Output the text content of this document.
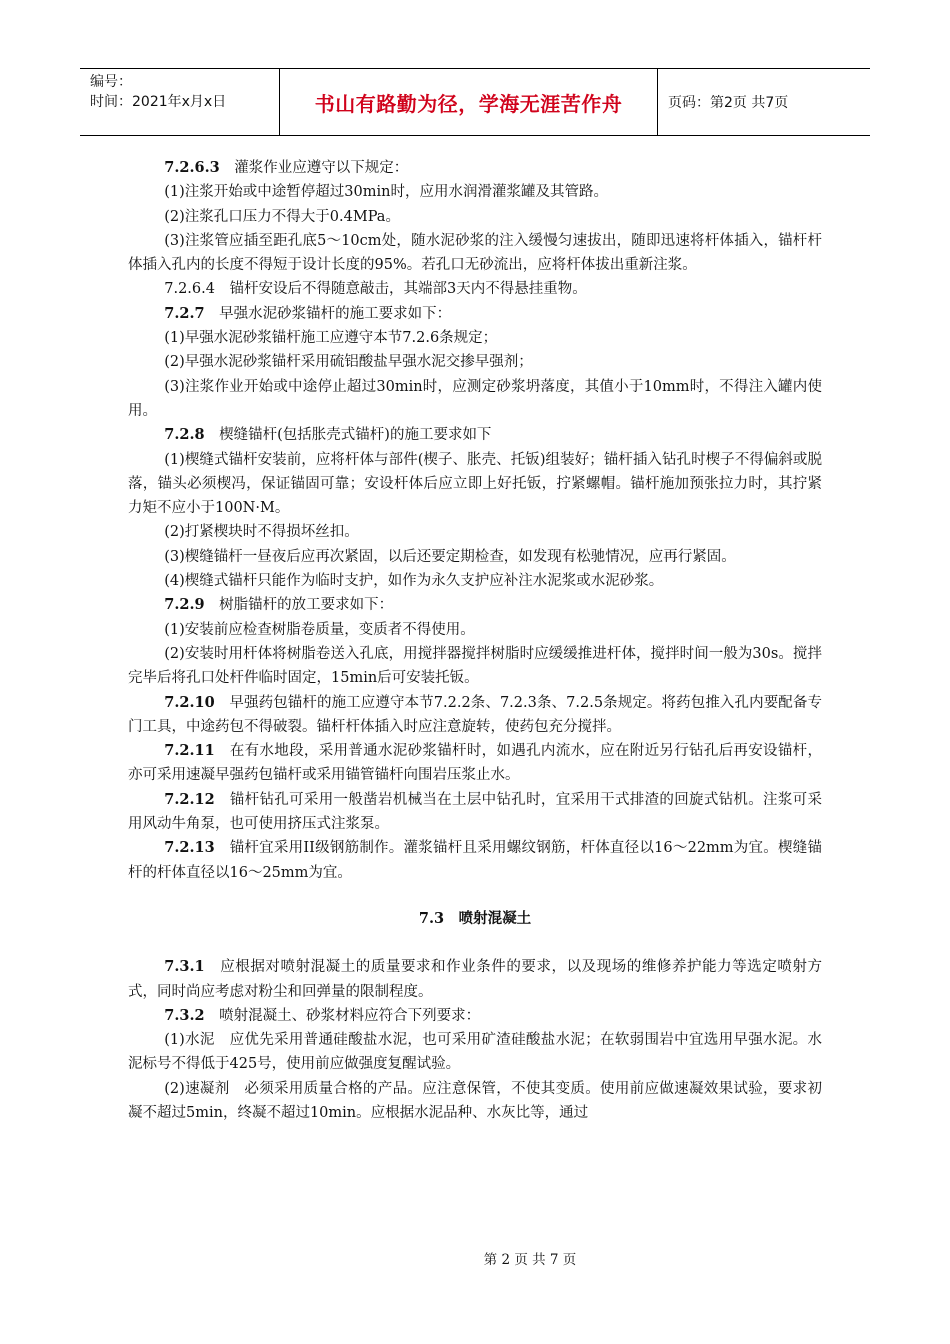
编号：
时间：2021年x月x日	书山有路勤为径，学海无涯苦作舟	页码：第2页 共7页

7.2.6.3　 灌浆作业应遵守以下规定：

(1)注浆开始或中途暂停超过30min时，应用水润滑灌浆罐及其管路。

(2)注浆孔口压力不得大于0.4MPa。

(3)注浆管应插至距孔底5～10cm处，随水泥砂浆的注入缓慢匀速拔出，随即迅速将杆体插入，锚杆杆体插入孔内的长度不得短于设计长度的95%。若孔口无砂流出，应将杆体拔出重新注浆。

7.2.6.4　锚杆安设后不得随意敲击，其端部3天内不得悬挂重物。

7.2.7　 早强水泥砂浆锚杆的施工要求如下：

(1)早强水泥砂浆锚杆施工应遵守本节7.2.6条规定；

(2)早强水泥砂浆锚杆采用硫铝酸盐早强水泥交掺早强剂；

(3)注浆作业开始或中途停止超过30min时，应测定砂浆坍落度，其值小于10mm时，不得注入罐内使用。

7.2.8　 楔缝锚杆(包括胀壳式锚杆)的施工要求如下

(1)楔缝式锚杆安装前，应将杆体与部件(楔子、胀壳、托钣)组装好；锚杆插入钻孔时楔子不得偏斜或脱落，锚头必须楔冯，保证锚固可靠；安设杆体后应立即上好托钣，拧紧螺帽。锚杆施加预张拉力时，其拧紧力矩不应小于100N·M。

(2)打紧楔块时不得损坏丝扣。

(3)楔缝锚杆一昼夜后应再次紧固，以后还要定期检查，如发现有松驰情况，应再行紧固。

(4)楔缝式锚杆只能作为临时支护，如作为永久支护应补注水泥浆或水泥砂浆。

7.2.9　 树脂锚杆的放工要求如下：

(1)安装前应检查树脂卷质量，变质者不得使用。

(2)安装时用杆体将树脂卷送入孔底，用搅拌器搅拌树脂时应缓缓推进杆体，搅拌时间一般为30s。搅拌完毕后将孔口处杆件临时固定，15min后可安装托钣。

7.2.10　 早强药包锚杆的施工应遵守本节7.2.2条、7.2.3条、7.2.5条规定。将药包推入孔内要配备专门工具，中途药包不得破裂。锚杆杆体插入时应注意旋转，使药包充分搅拌。

7.2.11　 在有水地段，采用普通水泥砂浆锚杆时，如遇孔内流水，应在附近另行钻孔后再安设锚杆，亦可采用速凝早强药包锚杆或采用锚管锚杆向围岩压浆止水。

7.2.12　 锚杆钻孔可采用一般凿岩机械当在土层中钻孔时，宜采用干式排渣的回旋式钻机。注浆可采用风动牛角泵，也可使用挤压式注浆泵。

7.2.13　 锚杆宜采用II级钢筋制作。灌浆锚杆且采用螺纹钢筋，杆体直径以16～22mm为宜。楔缝锚杆的杆体直径以16～25mm为宜。

7.3　喷射混凝土

7.3.1　 应根据对喷射混凝土的质量要求和作业条件的要求，以及现场的维修养护能力等选定喷射方式，同时尚应考虑对粉尘和回弹量的限制程度。

7.3.2　 喷射混凝土、砂浆材料应符合下列要求：

(1)水泥　应优先采用普通硅酸盐水泥，也可采用矿渣硅酸盐水泥；在软弱围岩中宜选用早强水泥。水泥标号不得低于425号，使用前应做强度复醒试验。

(2)速凝剂　必须采用质量合格的产品。应注意保管，不使其变质。使用前应做速凝效果试验，要求初凝不超过5min，终凝不超过10min。应根据水泥品种、水灰比等，通过

第 2 页 共 7 页
